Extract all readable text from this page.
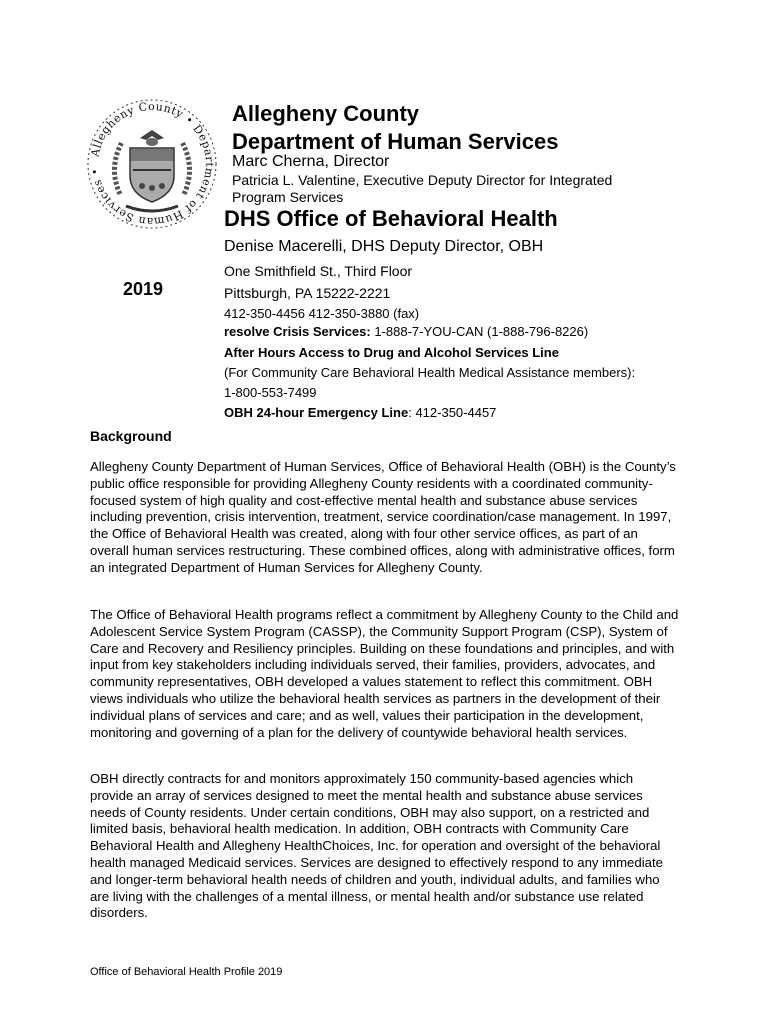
Allegheny County • Department of Human Services •
Allegheny County
Department of Human Services
Marc Cherna, Director
Patricia L. Valentine, Executive Deputy Director for Integrated
Program Services
DHS Office of Behavioral Health
Denise Macerelli, DHS Deputy Director, OBH
One Smithfield St., Third Floor
Pittsburgh, PA 15222-2221
2019
412-350-4456 412-350-3880 (fax)
resolve Crisis Services: 1-888-7-YOU-CAN (1-888-796-8226)
After Hours Access to Drug and Alcohol Services Line
(For Community Care Behavioral Health Medical Assistance members):
1-800-553-7499
OBH 24-hour Emergency Line: 412-350-4457
Background

Allegheny County Department of Human Services, Office of Behavioral Health (OBH) is the County’s public office responsible for providing Allegheny County residents with a coordinated community-focused system of high quality and cost-effective mental health and substance abuse services including prevention, crisis intervention, treatment, service coordination/case management. In 1997, the Office of Behavioral Health was created, along with four other service offices, as part of an overall human services restructuring. These combined offices, along with administrative offices, form an integrated Department of Human Services for Allegheny County.

The Office of Behavioral Health programs reflect a commitment by Allegheny County to the Child and Adolescent Service System Program (CASSP), the Community Support Program (CSP), System of Care and Recovery and Resiliency principles. Building on these foundations and principles, and with input from key stakeholders including individuals served, their families, providers, advocates, and community representatives, OBH developed a values statement to reflect this commitment. OBH views individuals who utilize the behavioral health services as partners in the development of their individual plans of services and care; and as well, values their participation in the development, monitoring and governing of a plan for the delivery of countywide behavioral health services.

OBH directly contracts for and monitors approximately 150 community-based agencies which provide an array of services designed to meet the mental health and substance abuse services needs of County residents. Under certain conditions, OBH may also support, on a restricted and limited basis, behavioral health medication. In addition, OBH contracts with Community Care Behavioral Health and Allegheny HealthChoices, Inc. for operation and oversight of the behavioral health managed Medicaid services. Services are designed to effectively respond to any immediate and longer-term behavioral health needs of children and youth, individual adults, and families who are living with the challenges of a mental illness, or mental health and/or substance use related disorders.

Office of Behavioral Health Profile 2019
